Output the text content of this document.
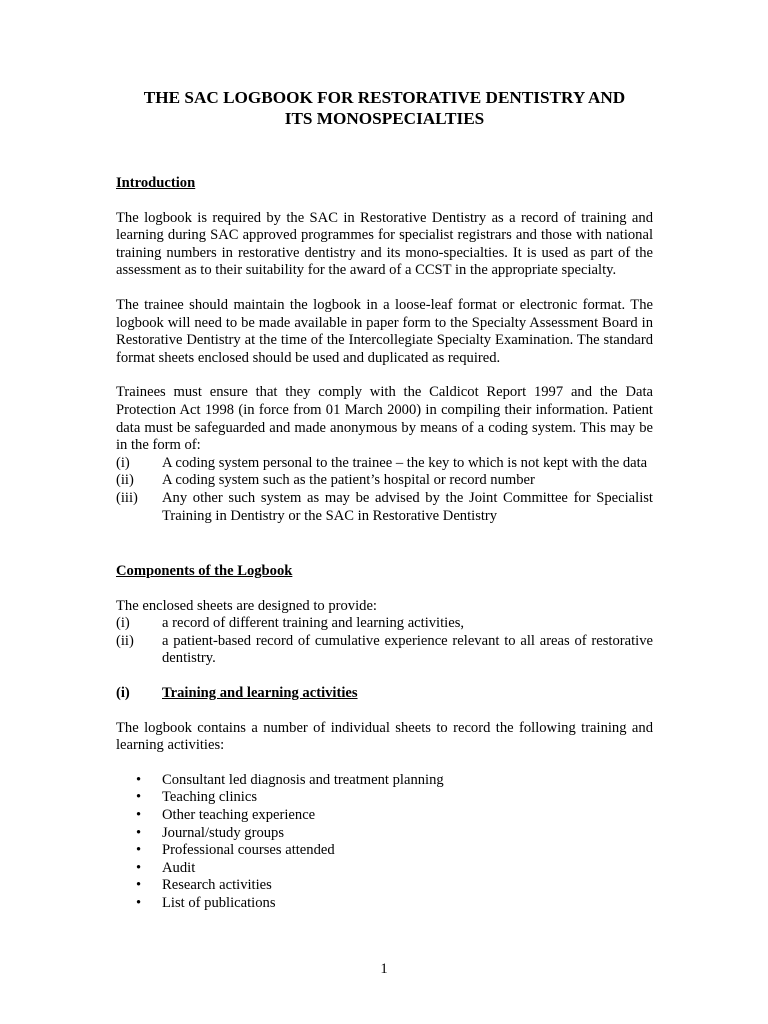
THE SAC LOGBOOK FOR RESTORATIVE DENTISTRY AND
ITS MONOSPECIALTIES
Introduction

The logbook is required by the SAC in Restorative Dentistry as a record of training and learning during SAC approved programmes for specialist registrars and those with national training numbers in restorative dentistry and its mono-specialties. It is used as part of the assessment as to their suitability for the award of a CCST in the appropriate specialty.

The trainee should maintain the logbook in a loose-leaf format or electronic format. The logbook will need to be made available in paper form to the Specialty Assessment Board in Restorative Dentistry at the time of the Intercollegiate Specialty Examination. The standard format sheets enclosed should be used and duplicated as required.

Trainees must ensure that they comply with the Caldicot Report 1997 and the Data Protection Act 1998 (in force from 01 March 2000) in compiling their information. Patient data must be safeguarded and made anonymous by means of a coding system. This may be in the form of:

(i)	A coding system personal to the trainee – the key to which is not kept with the data
(ii)	A coding system such as the patient’s hospital or record number
(iii)	Any other such system as may be advised by the Joint Committee for Specialist Training in Dentistry or the SAC in Restorative Dentistry
Components of the Logbook

The enclosed sheets are designed to provide:

(i)	a record of different training and learning activities,
(ii)	a patient-based record of cumulative experience relevant to all areas of restorative dentistry.
(i)	Training and learning activities

The logbook contains a number of individual sheets to record the following training and learning activities:

•	Consultant led diagnosis and treatment planning
•	Teaching clinics
•	Other teaching experience
•	Journal/study groups
•	Professional courses attended
•	Audit
•	Research activities
•	List of publications
1
